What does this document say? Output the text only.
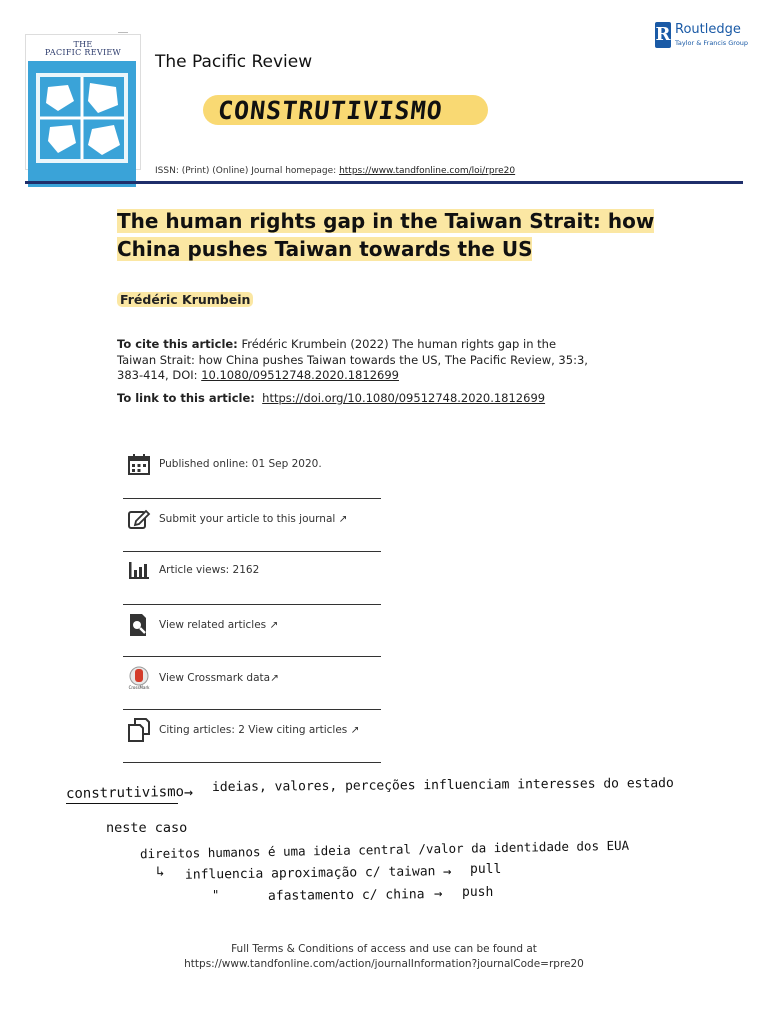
THE
PACIFIC REVIEW	The Pacific Review
R Routledge
Taylor & Francis Group
CONSTRUTIVISMO
ISSN: (Print) (Online) Journal homepage: https://www.tandfonline.com/loi/rpre20
The human rights gap in the Taiwan Strait: how
China pushes Taiwan towards the US
Frédéric Krumbein
To cite this article: Frédéric Krumbein (2022) The human rights gap in the Taiwan Strait: how China pushes Taiwan towards the US, The Pacific Review, 35:3, 383-414, DOI: 10.1080/09512748.2020.1812699
To link to this article: https://doi.org/10.1080/09512748.2020.1812699
Published online: 01 Sep 2020.
Submit your article to this journal ↗
Article views: 2162
View related articles ↗
CrossMark
View Crossmark data↗
Citing articles: 2 View citing articles ↗
construtivismo → ideias, valores, perceções influenciam interesses do estado
neste caso
direitos humanos é uma ideia central /valor da identidade dos EUA
↳ influencia aproximação c/ taiwan → pull
"	afastamento c/ china → push
Full Terms & Conditions of access and use can be found at
https://www.tandfonline.com/action/journalInformation?journalCode=rpre20
